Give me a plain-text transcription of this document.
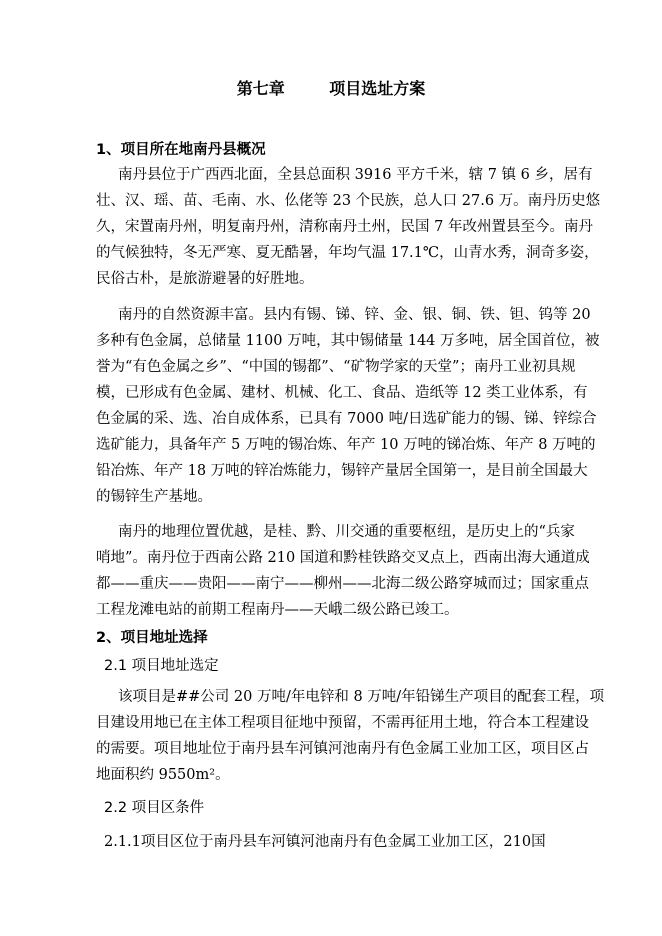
第七章        项目选址方案
1、项目所在地南丹县概况
南丹县位于广西西北面，全县总面积 3916 平方千米，辖 7 镇 6 乡，居有
壮、汉、瑶、苗、毛南、水、仫佬等 23 个民族，总人口 27.6 万。南丹历史悠
久，宋置南丹州，明复南丹州，清称南丹土州，民国 7 年改州置县至今。南丹
的气候独特，冬无严寒、夏无酷暑，年均气温 17.1℃，山青水秀，洞奇多姿，
民俗古朴，是旅游避暑的好胜地。
南丹的自然资源丰富。县内有锡、锑、锌、金、银、铜、铁、钽、钨等 20
多种有色金属，总储量 1100 万吨，其中锡储量 144 万多吨，居全国首位，被
誉为“有色金属之乡”、“中国的锡都”、“矿物学家的天堂”；南丹工业初具规
模，已形成有色金属、建材、机械、化工、食品、造纸等 12 类工业体系，有
色金属的采、选、冶自成体系，已具有 7000 吨/日选矿能力的锡、锑、锌综合
选矿能力，具备年产 5 万吨的锡冶炼、年产 10 万吨的锑冶炼、年产 8 万吨的
铅冶炼、年产 18 万吨的锌冶炼能力，锡锌产量居全国第一，是目前全国最大
的锡锌生产基地。
南丹的地理位置优越，是桂、黔、川交通的重要枢纽，是历史上的“兵家
哨地”。南丹位于西南公路 210 国道和黔桂铁路交叉点上，西南出海大通道成
都——重庆——贵阳——南宁——柳州——北海二级公路穿城而过；国家重点
工程龙滩电站的前期工程南丹——天峨二级公路已竣工。
2、项目地址选择
2.1 项目地址选定
该项目是##公司 20 万吨/年电锌和 8 万吨/年铅锑生产项目的配套工程，项
目建设用地已在主体工程项目征地中预留，不需再征用土地，符合本工程建设
的需要。项目地址位于南丹县车河镇河池南丹有色金属工业加工区，项目区占
地面积约 9550m²。
2.2 项目区条件
2.1.1项目区位于南丹县车河镇河池南丹有色金属工业加工区，210国
